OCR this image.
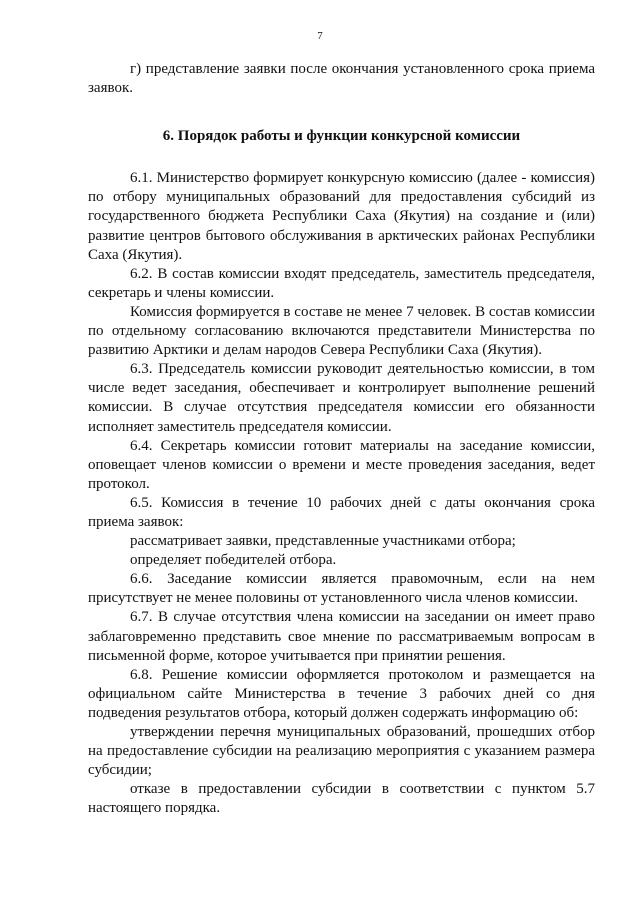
7

г) представление заявки после окончания установленного срока приема заявок.

6. Порядок работы и функции конкурсной комиссии

6.1. Министерство формирует конкурсную комиссию (далее - комиссия) по отбору муниципальных образований для предоставления субсидий из государственного бюджета Республики Саха (Якутия) на создание и (или) развитие центров бытового обслуживания в арктических районах Республики Саха (Якутия).

6.2. В состав комиссии входят председатель, заместитель председателя, секретарь и члены комиссии.

Комиссия формируется в составе не менее 7 человек. В состав комиссии по отдельному согласованию включаются представители Министерства по развитию Арктики и делам народов Севера Республики Саха (Якутия).

6.3. Председатель комиссии руководит деятельностью комиссии, в том числе ведет заседания, обеспечивает и контролирует выполнение решений комиссии. В случае отсутствия председателя комиссии его обязанности исполняет заместитель председателя комиссии.

6.4. Секретарь комиссии готовит материалы на заседание комиссии, оповещает членов комиссии о времени и месте проведения заседания, ведет протокол.

6.5. Комиссия в течение 10 рабочих дней с даты окончания срока приема заявок:

рассматривает заявки, представленные участниками отбора;

определяет победителей отбора.

6.6. Заседание комиссии является правомочным, если на нем присутствует не менее половины от установленного числа членов комиссии.

6.7. В случае отсутствия члена комиссии на заседании он имеет право заблаговременно представить свое мнение по рассматриваемым вопросам в письменной форме, которое учитывается при принятии решения.

6.8. Решение комиссии оформляется протоколом и размещается на официальном сайте Министерства в течение 3 рабочих дней со дня подведения результатов отбора, который должен содержать информацию об:

утверждении перечня муниципальных образований, прошедших отбор на предоставление субсидии на реализацию мероприятия с указанием размера субсидии;

отказе в предоставлении субсидии в соответствии с пунктом 5.7 настоящего порядка.
